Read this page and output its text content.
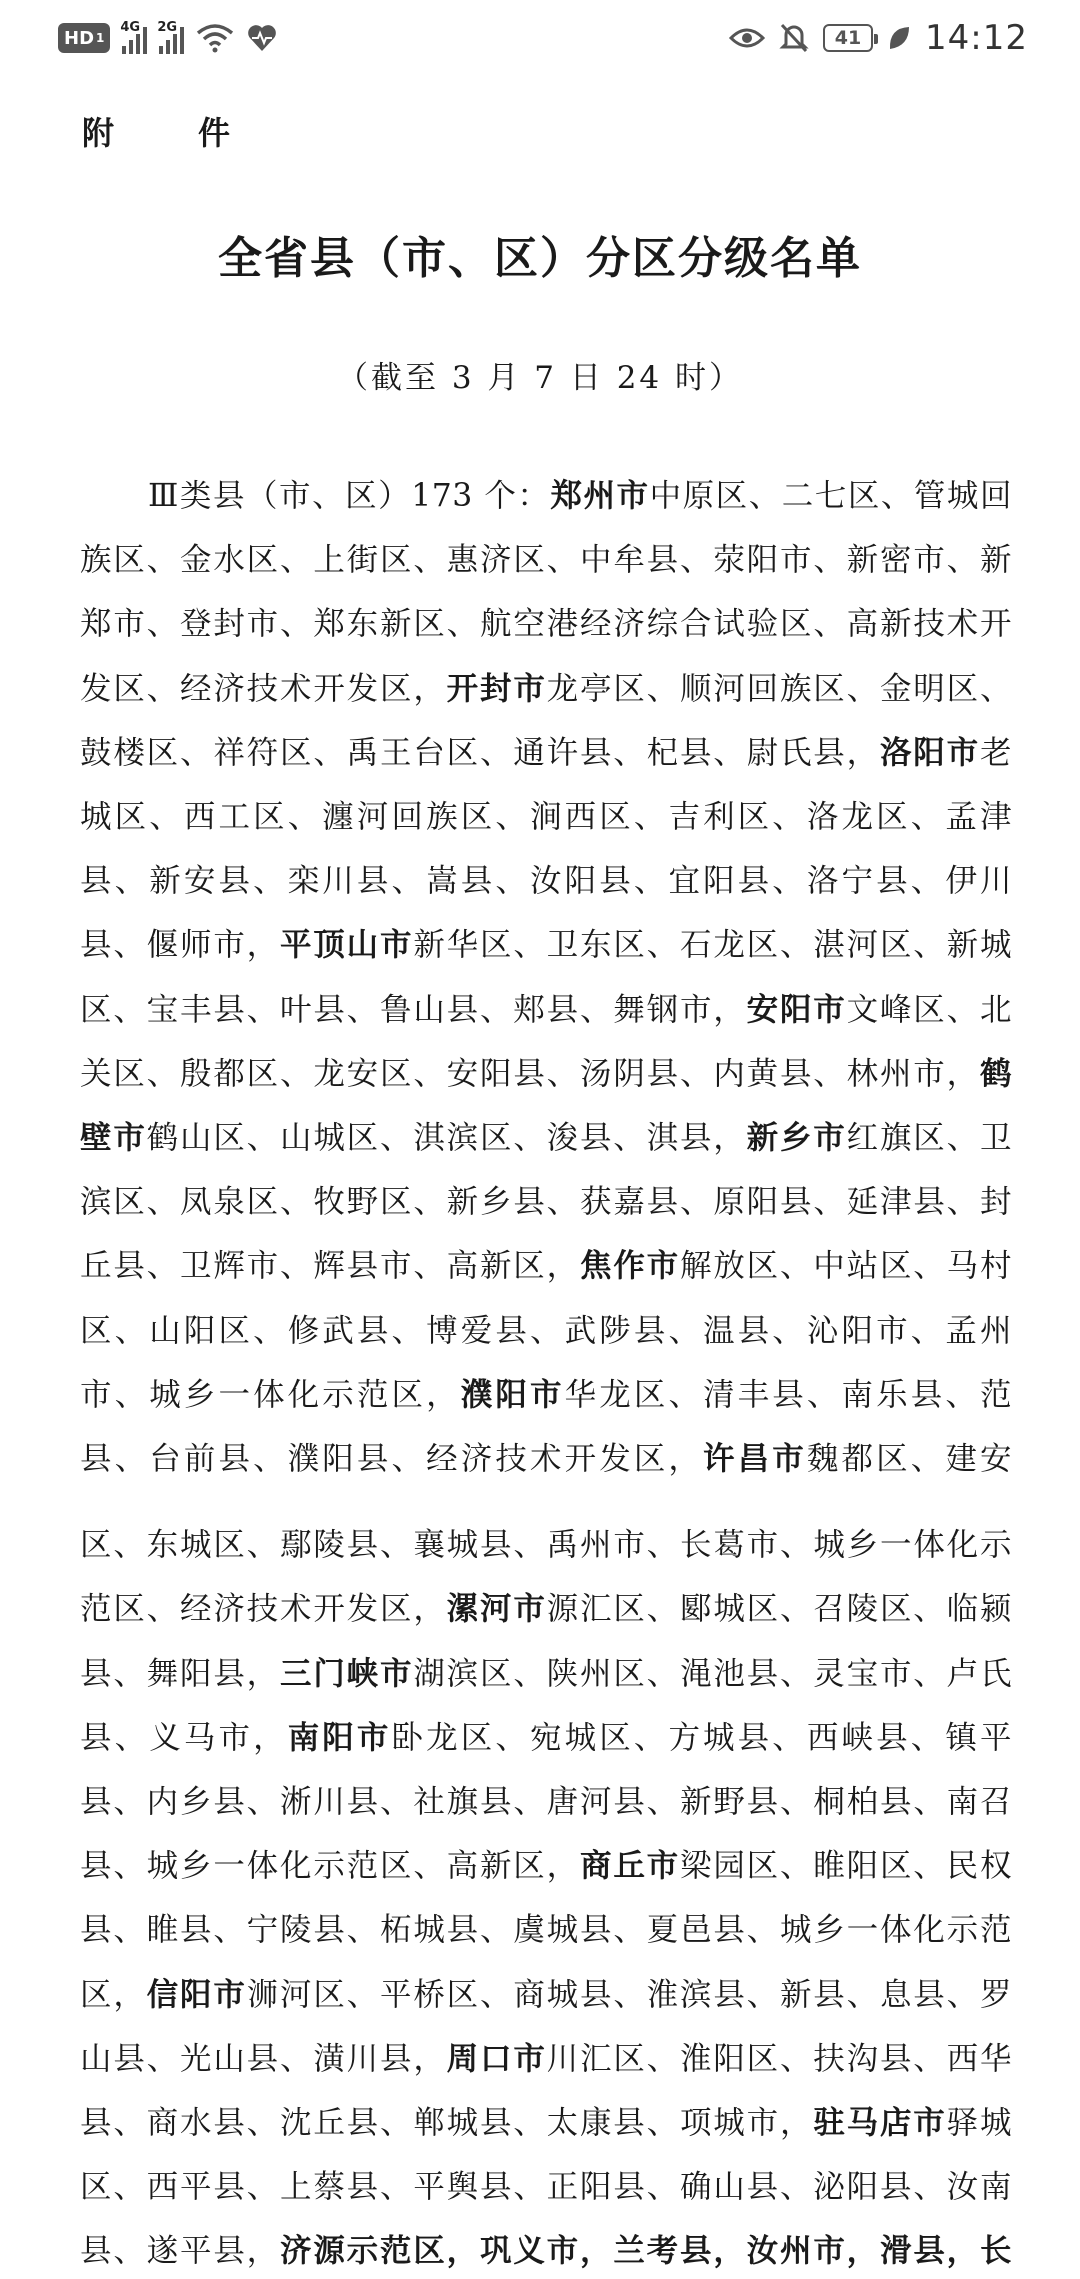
HD 1
4G 2G	41 14:12
附　件
全省县（市、区）分区分级名单
（截至 3 月 7 日 24 时）
Ⅲ类县（市、区）173 个：郑州市中原区、二七区、管城回
族区、金水区、上街区、惠济区、中牟县、荥阳市、新密市、新
郑市、登封市、郑东新区、航空港经济综合试验区、高新技术开
发区、经济技术开发区，开封市龙亭区、顺河回族区、金明区、
鼓楼区、祥符区、禹王台区、通许县、杞县、尉氏县，洛阳市老
城区、西工区、瀍河回族区、涧西区、吉利区、洛龙区、孟津
县、新安县、栾川县、嵩县、汝阳县、宜阳县、洛宁县、伊川
县、偃师市，平顶山市新华区、卫东区、石龙区、湛河区、新城
区、宝丰县、叶县、鲁山县、郏县、舞钢市，安阳市文峰区、北
关区、殷都区、龙安区、安阳县、汤阴县、内黄县、林州市，鹤
壁市鹤山区、山城区、淇滨区、浚县、淇县，新乡市红旗区、卫
滨区、凤泉区、牧野区、新乡县、获嘉县、原阳县、延津县、封
丘县、卫辉市、辉县市、高新区，焦作市解放区、中站区、马村
区、山阳区、修武县、博爱县、武陟县、温县、沁阳市、孟州
市、城乡一体化示范区，濮阳市华龙区、清丰县、南乐县、范
县、台前县、濮阳县、经济技术开发区，许昌市魏都区、建安
区、东城区、鄢陵县、襄城县、禹州市、长葛市、城乡一体化示
范区、经济技术开发区，漯河市源汇区、郾城区、召陵区、临颍
县、舞阳县，三门峡市湖滨区、陕州区、渑池县、灵宝市、卢氏
县、义马市，南阳市卧龙区、宛城区、方城县、西峡县、镇平
县、内乡县、淅川县、社旗县、唐河县、新野县、桐柏县、南召
县、城乡一体化示范区、高新区，商丘市梁园区、睢阳区、民权
县、睢县、宁陵县、柘城县、虞城县、夏邑县、城乡一体化示范
区，信阳市浉河区、平桥区、商城县、淮滨县、新县、息县、罗
山县、光山县、潢川县，周口市川汇区、淮阳区、扶沟县、西华
县、商水县、沈丘县、郸城县、太康县、项城市，驻马店市驿城
区、西平县、上蔡县、平舆县、正阳县、确山县、泌阳县、汝南
县、遂平县，济源示范区，巩义市，兰考县，汝州市，滑县，长
